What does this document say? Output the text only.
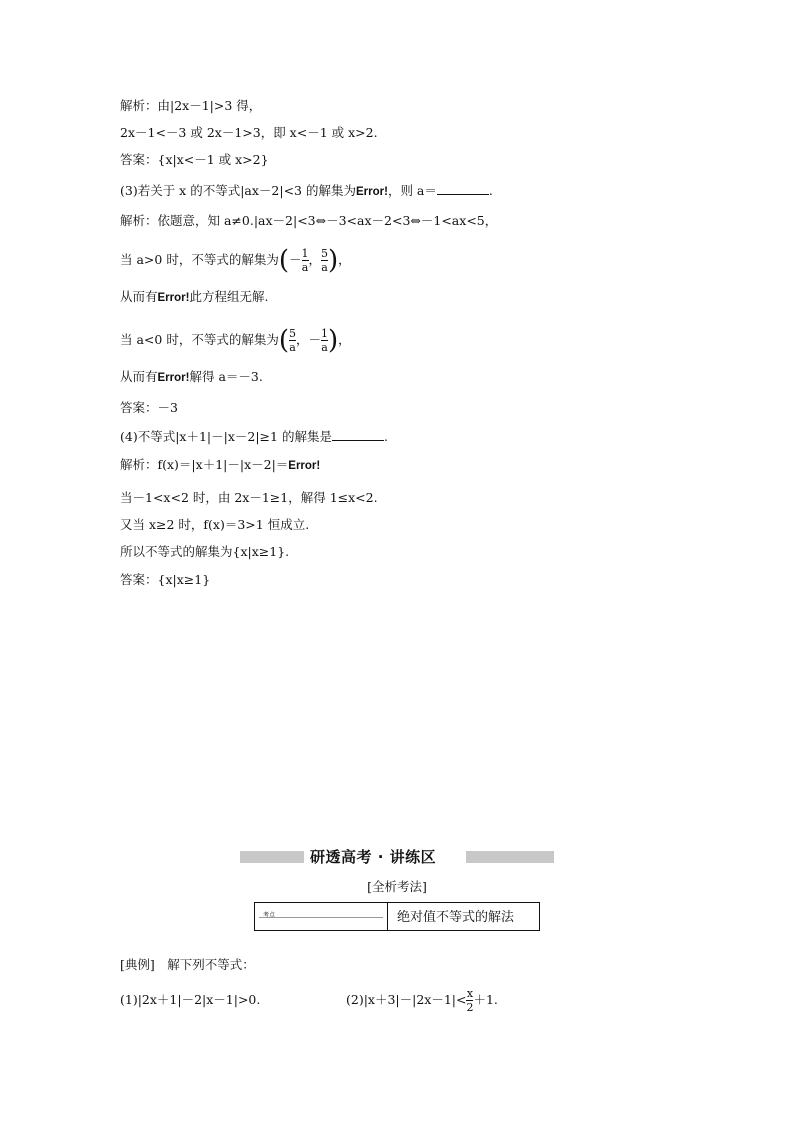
解析：由|2x－1|>3 得，
2x－1<－3 或 2x－1>3，即 x<－1 或 x>2.
答案：{x|x<－1 或 x>2}
(3)若关于 x 的不等式|ax－2|<3 的解集为Error!，则 a＝	.
解析：依题意，知 a≠0.|ax－2|<3⇔－3<ax－2<3⇔－1<ax<5，
当 a>0 时，不等式的解集为(－ $\frac{1}{a}$ ， $\frac{5}{a}$ )，
从而有Error!此方程组无解.
当 a<0 时，不等式的解集为( $\frac{5}{a}$ ，－ $\frac{1}{a}$ )，
从而有Error!解得 a＝－3.
答案：－3
(4)不等式|x＋1|－|x－2|≥1 的解集是	.
解析：f(x)＝|x＋1|－|x－2|＝Error!
当－1<x<2 时，由 2x－1≥1，解得 1≤x<2.
又当 x≥2 时，f(x)＝3>1 恒成立.
所以不等式的解集为{x|x≥1}.
答案：{x|x≥1}
研透高考 · 讲练区
[全析考法]
考点	绝对值不等式的解法
[典例]　解下列不等式：
(1)|2x＋1|－2|x－1|>0.	$(2)|x+3|-|2x-1|< \frac{x}{2} +1$.
